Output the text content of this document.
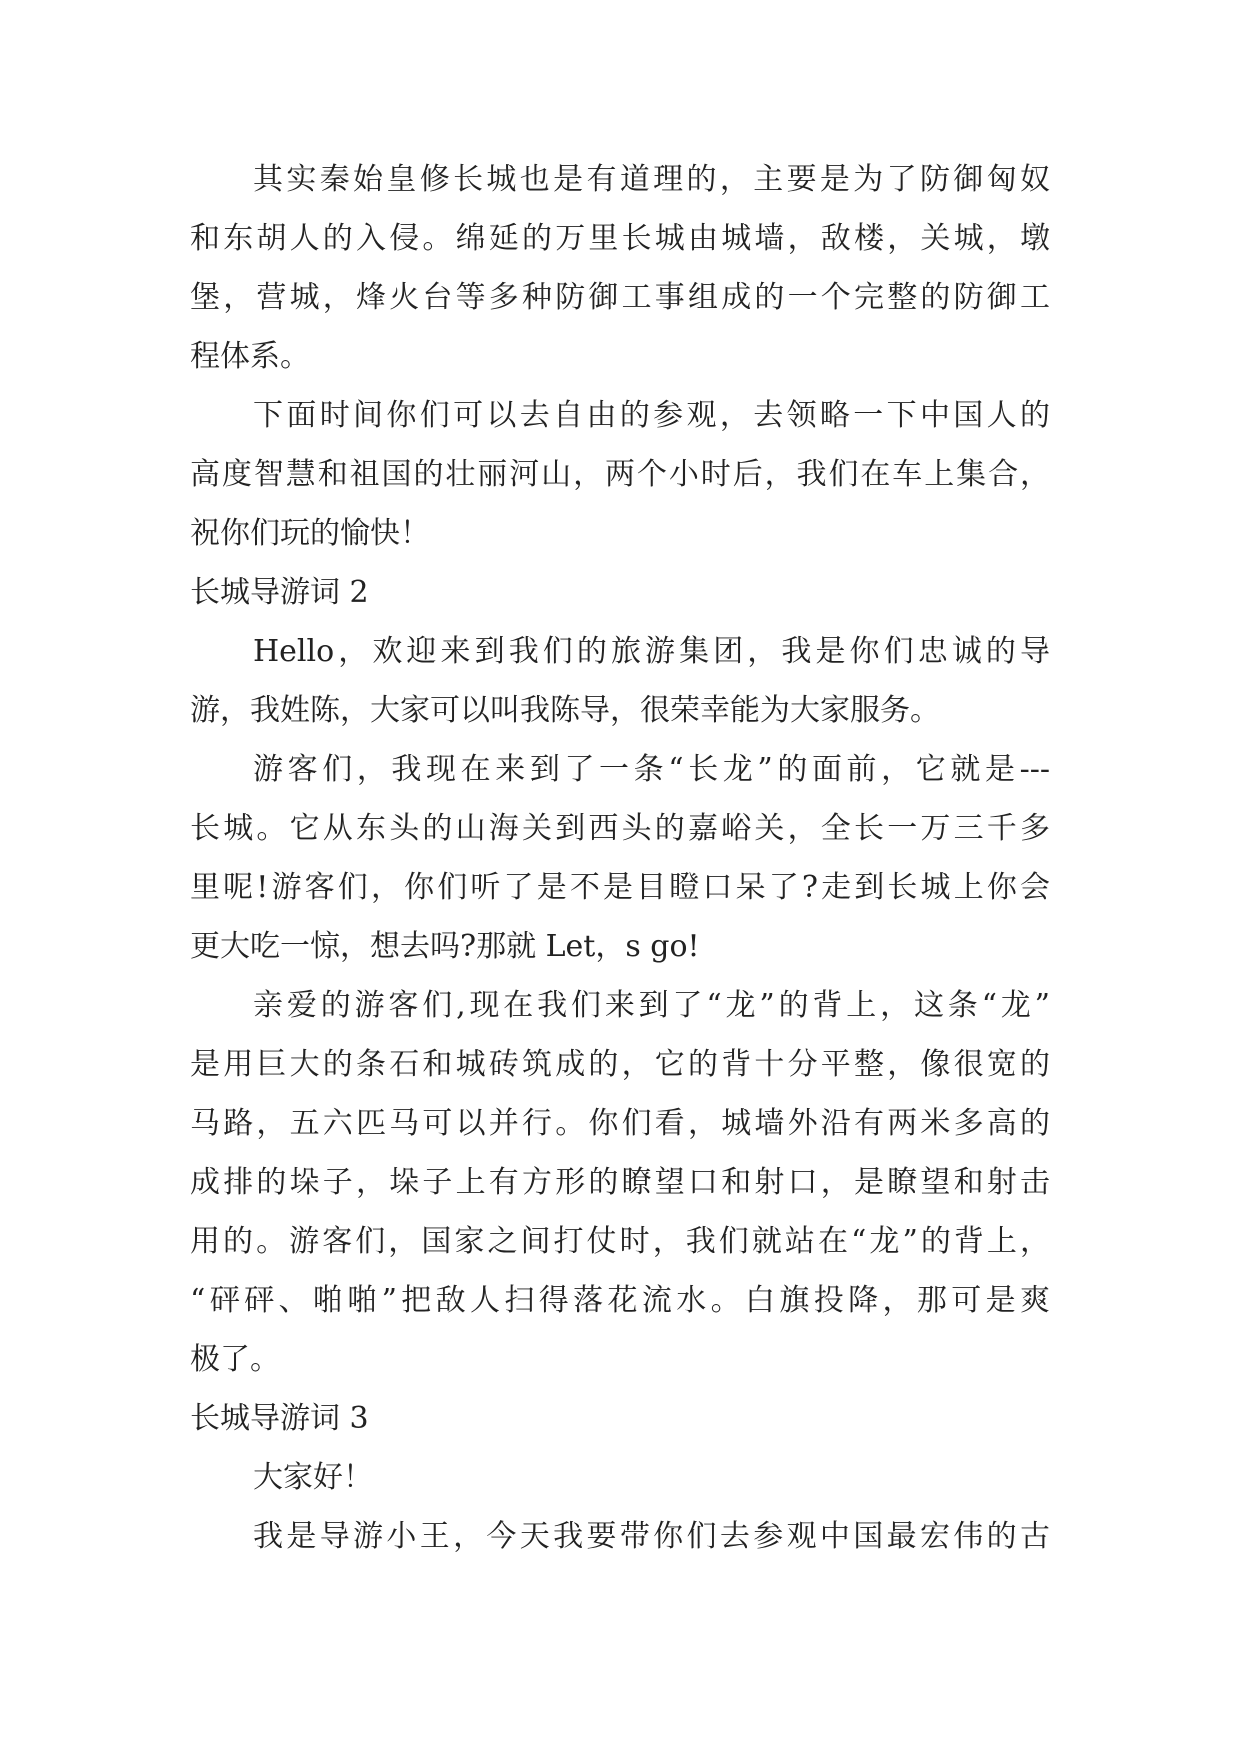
其实秦始皇修长城也是有道理的，主要是为了防御匈奴
和东胡人的入侵。绵延的万里长城由城墙，敌楼，关城，墩
堡，营城，烽火台等多种防御工事组成的一个完整的防御工
程体系。
下面时间你们可以去自由的参观，去领略一下中国人的
高度智慧和祖国的壮丽河山，两个小时后，我们在车上集合，
祝你们玩的愉快！
长城导游词 2
Hello，欢迎来到我们的旅游集团，我是你们忠诚的导
游，我姓陈，大家可以叫我陈导，很荣幸能为大家服务。
游客们，我现在来到了一条“长龙”的面前，它就是---
长城。它从东头的山海关到西头的嘉峪关，全长一万三千多
里呢!游客们，你们听了是不是目瞪口呆了?走到长城上你会
更大吃一惊，想去吗?那就 Let，s go!
亲爱的游客们,现在我们来到了“龙”的背上，这条“龙”
是用巨大的条石和城砖筑成的，它的背十分平整，像很宽的
马路，五六匹马可以并行。你们看，城墙外沿有两米多高的
成排的垛子，垛子上有方形的瞭望口和射口，是瞭望和射击
用的。游客们，国家之间打仗时，我们就站在“龙”的背上，
“砰砰、啪啪”把敌人扫得落花流水。白旗投降，那可是爽
极了。
长城导游词 3
大家好！
我是导游小王，今天我要带你们去参观中国最宏伟的古
